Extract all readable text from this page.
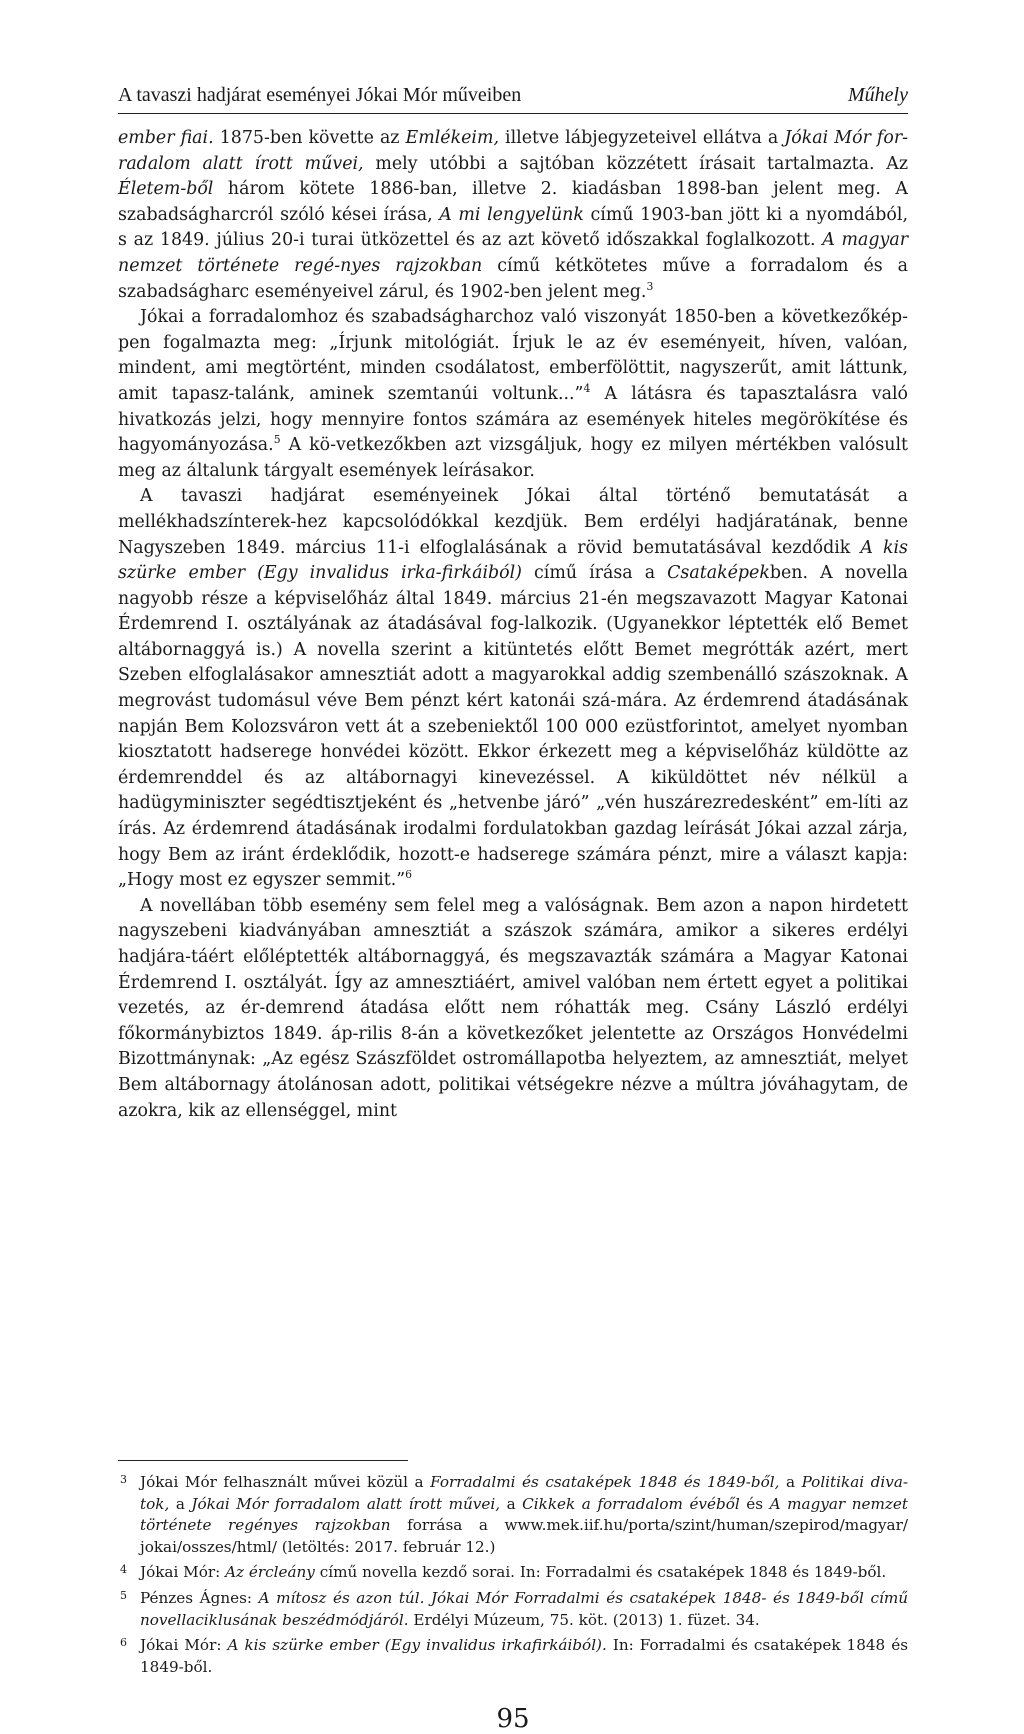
A tavaszi hadjárat eseményei Jókai Mór műveiben	Műhely

ember fiai. 1875-ben követte az Emlékeim, illetve lábjegyzeteivel ellátva a Jókai Mór for-radalom alatt írott művei, mely utóbbi a sajtóban közzétett írásait tartalmazta. Az Életem-ből három kötete 1886-ban, illetve 2. kiadásban 1898-ban jelent meg. A szabadságharcról szóló kései írása, A mi lengyelünk című 1903-ban jött ki a nyomdából, s az 1849. július 20-i turai ütközettel és az azt követő időszakkal foglalkozott. A magyar nemzet története regé-nyes rajzokban című kétkötetes műve a forradalom és a szabadságharc eseményeivel zárul, és 1902-ben jelent meg.$^3$

Jókai a forradalomhoz és szabadságharchoz való viszonyát 1850-ben a következőkép-pen fogalmazta meg: „Írjunk mitológiát. Írjuk le az év eseményeit, híven, valóan, mindent, ami megtörtént, minden csodálatost, emberfölöttit, nagyszerűt, amit láttunk, amit tapasz-talánk, aminek szemtanúi voltunk...”$^4$ A látásra és tapasztalásra való hivatkozás jelzi, hogy mennyire fontos számára az események hiteles megörökítése és hagyományozása.$^5$ A kö-vetkezőkben azt vizsgáljuk, hogy ez milyen mértékben valósult meg az általunk tárgyalt események leírásakor.

A tavaszi hadjárat eseményeinek Jókai által történő bemutatását a mellékhadszínterek-hez kapcsolódókkal kezdjük. Bem erdélyi hadjáratának, benne Nagyszeben 1849. március 11-i elfoglalásának a rövid bemutatásával kezdődik A kis szürke ember (Egy invalidus irka-firkáiból) című írása a Csataképekben. A novella nagyobb része a képviselőház által 1849. március 21-én megszavazott Magyar Katonai Érdemrend I. osztályának az átadásával fog-lalkozik. (Ugyanekkor léptették elő Bemet altábornaggyá is.) A novella szerint a kitüntetés előtt Bemet megrótták azért, mert Szeben elfoglalásakor amnesztiát adott a magyarokkal addig szembenálló szászoknak. A megrovást tudomásul véve Bem pénzt kért katonái szá-mára. Az érdemrend átadásának napján Bem Kolozsváron vett át a szebeniektől 100 000 ezüstforintot, amelyet nyomban kiosztatott hadserege honvédei között. Ekkor érkezett meg a képviselőház küldötte az érdemrenddel és az altábornagyi kinevezéssel. A kiküldöttet név nélkül a hadügyminiszter segédtisztjeként és „hetvenbe járó” „vén huszárezredesként” em-líti az írás. Az érdemrend átadásának irodalmi fordulatokban gazdag leírását Jókai azzal zárja, hogy Bem az iránt érdeklődik, hozott-e hadserege számára pénzt, mire a választ kapja: „Hogy most ez egyszer semmit.”$^6$

A novellában több esemény sem felel meg a valóságnak. Bem azon a napon hirdetett nagyszebeni kiadványában amnesztiát a szászok számára, amikor a sikeres erdélyi hadjára-táért előléptették altábornaggyá, és megszavazták számára a Magyar Katonai Érdemrend I. osztályát. Így az amnesztiáért, amivel valóban nem értett egyet a politikai vezetés, az ér-demrend átadása előtt nem róhatták meg. Csány László erdélyi főkormánybiztos 1849. áp-rilis 8-án a következőket jelentette az Országos Honvédelmi Bizottmánynak: „Az egész Szászföldet ostromállapotba helyeztem, az amnesztiát, melyet Bem altábornagy átolánosan adott, politikai vétségekre nézve a múltra jóváhagytam, de azokra, kik az ellenséggel, mint

3 Jókai Mór felhasznált művei közül a Forradalmi és csataképek 1848 és 1849-ből, a Politikai diva-tok, a Jókai Mór forradalom alatt írott művei, a Cikkek a forradalom évéből és A magyar nemzet története regényes rajzokban forrása a www.mek.iif.hu/porta/szint/human/szepirod/magyar/ jokai/osszes/html/ (letöltés: 2017. február 12.)
4 Jókai Mór: Az ércleány című novella kezdő sorai. In: Forradalmi és csataképek 1848 és 1849-ből.
5 Pénzes Ágnes: A mítosz és azon túl. Jókai Mór Forradalmi és csataképek 1848- és 1849-ből című novellaciklusának beszédmódjáról. Erdélyi Múzeum, 75. köt. (2013) 1. füzet. 34.
6 Jókai Mór: A kis szürke ember (Egy invalidus irkafirkáiból). In: Forradalmi és csataképek 1848 és 1849-ből.
95
